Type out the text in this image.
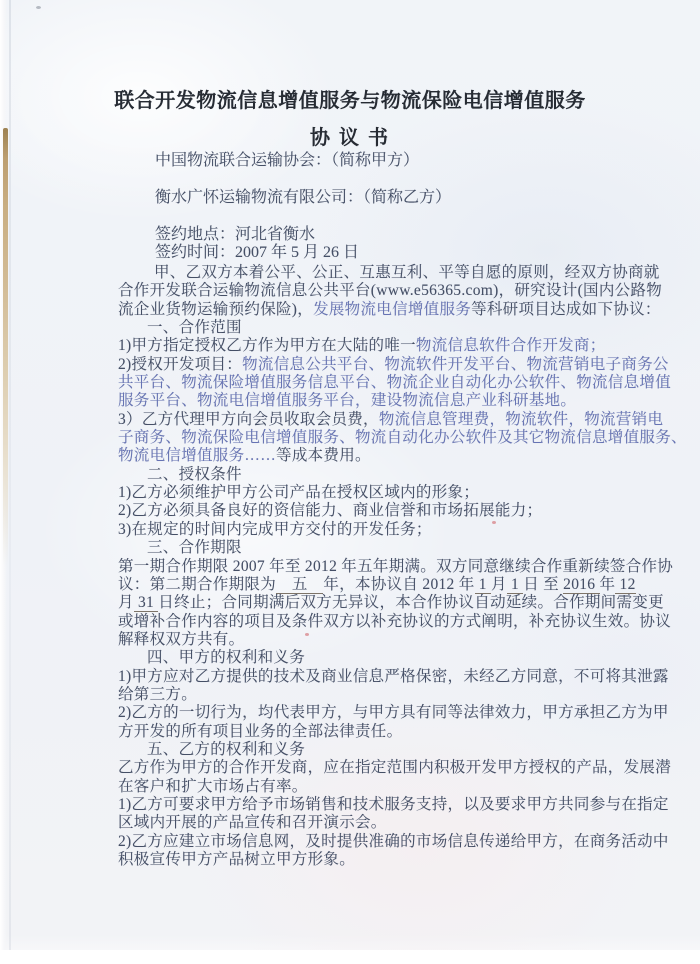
联合开发物流信息增值服务与物流保险电信增值服务
协 议 书
中国物流联合运输协会：（简称甲方）
衡水广怀运输物流有限公司：（简称乙方）
签约地点：河北省衡水
签约时间：2007 年 5 月 26 日
甲、乙双方本着公平、公正、互惠互利、平等自愿的原则，经双方协商就
合作开发联合运输物流信息公共平台(www.e56365.com)，研究设计(国内公路物
流企业货物运输预约保险)，发展物流电信增值服务等科研项目达成如下协议：
一、合作范围
1)甲方指定授权乙方作为甲方在大陆的唯一物流信息软件合作开发商；
2)授权开发项目：物流信息公共平台、物流软件开发平台、物流营销电子商务公
共平台、物流保险增值服务信息平台、物流企业自动化办公软件、物流信息增值
服务平台、物流电信增值服务平台，建设物流信息产业科研基地。
3）乙方代理甲方向会员收取会员费，物流信息管理费，物流软件，物流营销电
子商务、物流保险电信增值服务、物流自动化办公软件及其它物流信息增值服务、
物流电信增值服务……等成本费用。
二、授权条件
1)乙方必须维护甲方公司产品在授权区域内的形象；
2)乙方必须具备良好的资信能力、商业信誉和市场拓展能力；
3)在规定的时间内完成甲方交付的开发任务；
三、合作期限
第一期合作期限 2007 年至 2012 年五年期满。双方同意继续合作重新续签合作协
议：第二期合作期限为　五　年，本协议自 2012 年 1 月 1 日 至 2016 年 12
月 31 日终止；合同期满后双方无异议，本合作协议自动延续。合作期间需变更
或增补合作内容的项目及条件双方以补充协议的方式阐明，补充协议生效。协议
解释权双方共有。
四、甲方的权利和义务
1)甲方应对乙方提供的技术及商业信息严格保密，未经乙方同意，不可将其泄露
给第三方。
2)乙方的一切行为，均代表甲方，与甲方具有同等法律效力，甲方承担乙方为甲
方开发的所有项目业务的全部法律责任。
五、乙方的权利和义务
乙方作为甲方的合作开发商，应在指定范围内积极开发甲方授权的产品，发展潜
在客户和扩大市场占有率。
1)乙方可要求甲方给予市场销售和技术服务支持，以及要求甲方共同参与在指定
区域内开展的产品宣传和召开演示会。
2)乙方应建立市场信息网，及时提供准确的市场信息传递给甲方，在商务活动中
积极宣传甲方产品树立甲方形象。
